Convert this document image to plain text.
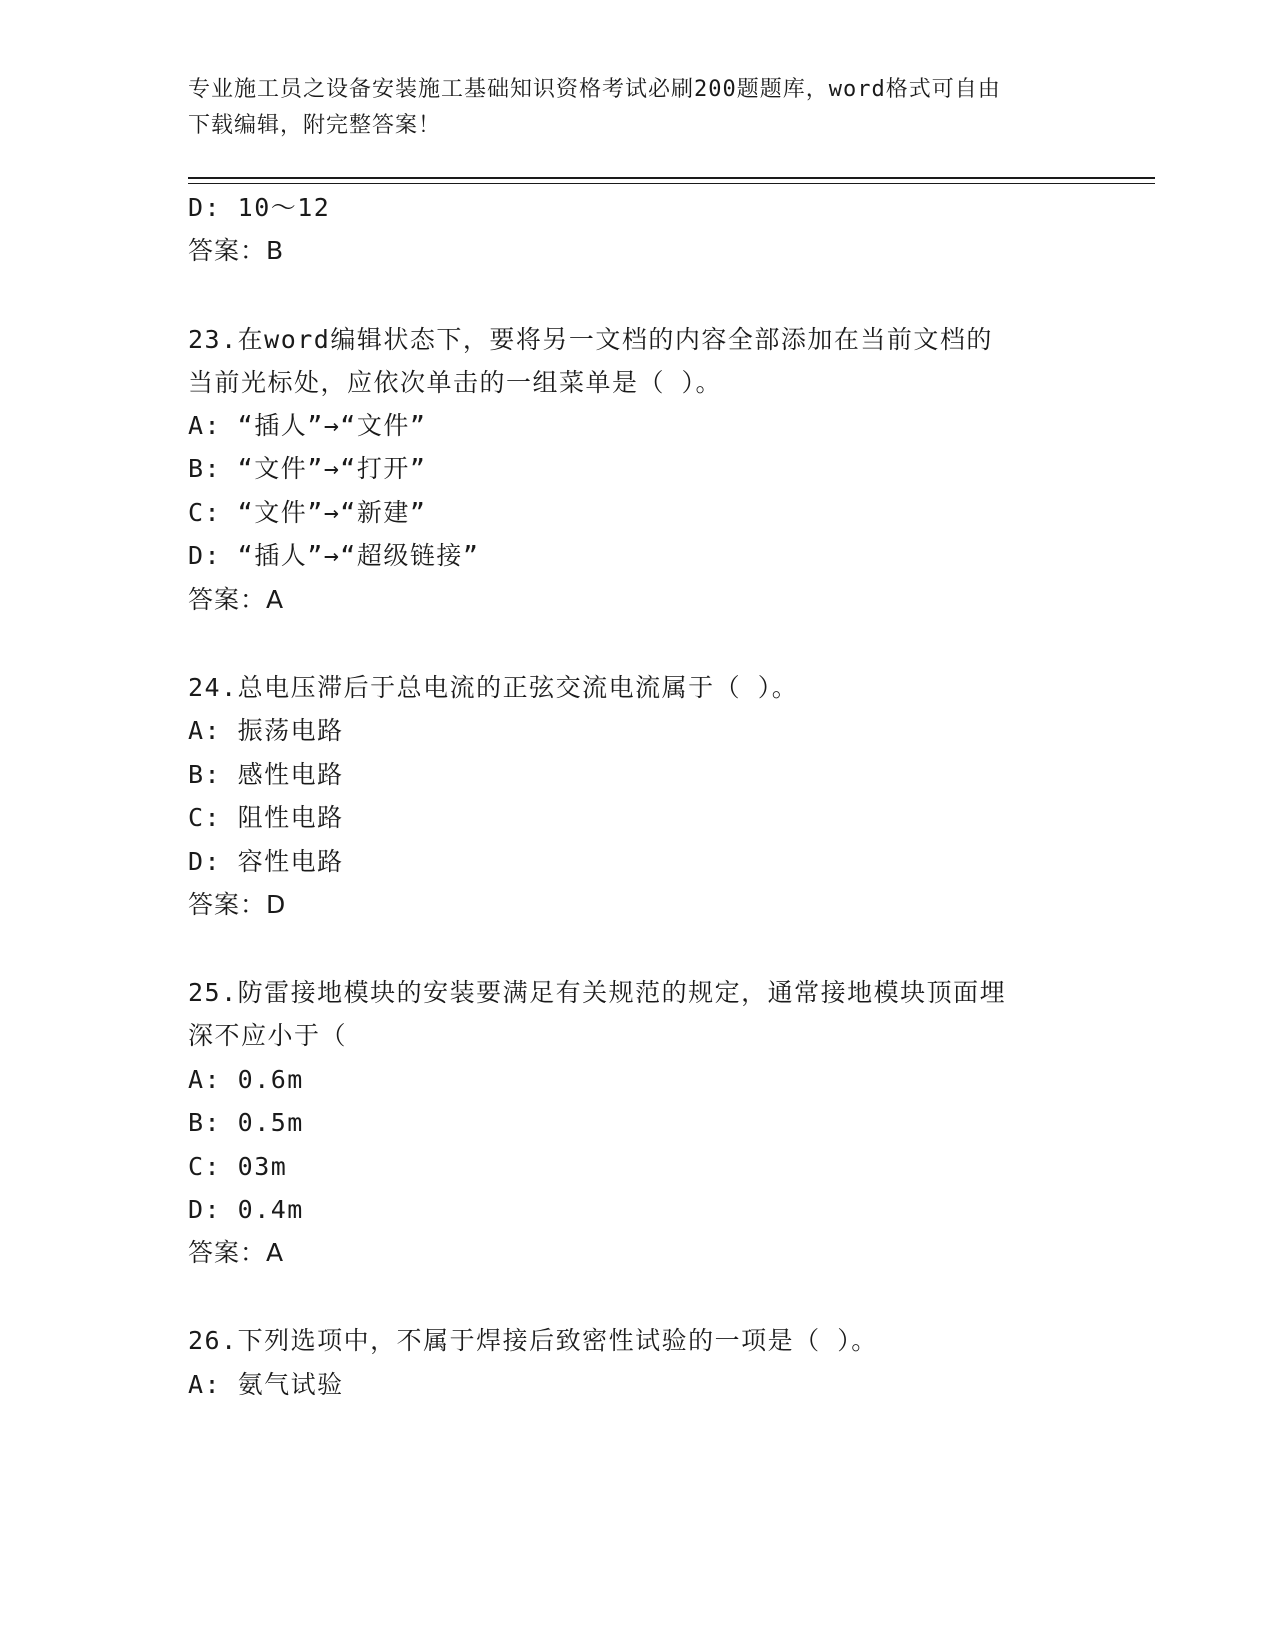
专业施工员之设备安装施工基础知识资格考试必刷200题题库，word格式可自由
下载编辑，附完整答案！
D: 10～12
答案：B
23.在word编辑状态下，要将另一文档的内容全部添加在当前文档的
当前光标处，应依次单击的一组菜单是（ ）。
A: “插人”→“文件”
B: “文件”→“打开”
C: “文件”→“新建”
D: “插人”→“超级链接”
答案：A
24.总电压滞后于总电流的正弦交流电流属于（ ）。
A: 振荡电路
B: 感性电路
C: 阻性电路
D: 容性电路
答案：D
25.防雷接地模块的安装要满足有关规范的规定，通常接地模块顶面埋
深不应小于（
A: 0.6m
B: 0.5m
C: 03m
D: 0.4m
答案：A
26.下列选项中，不属于焊接后致密性试验的一项是（ ）。
A: 氨气试验
